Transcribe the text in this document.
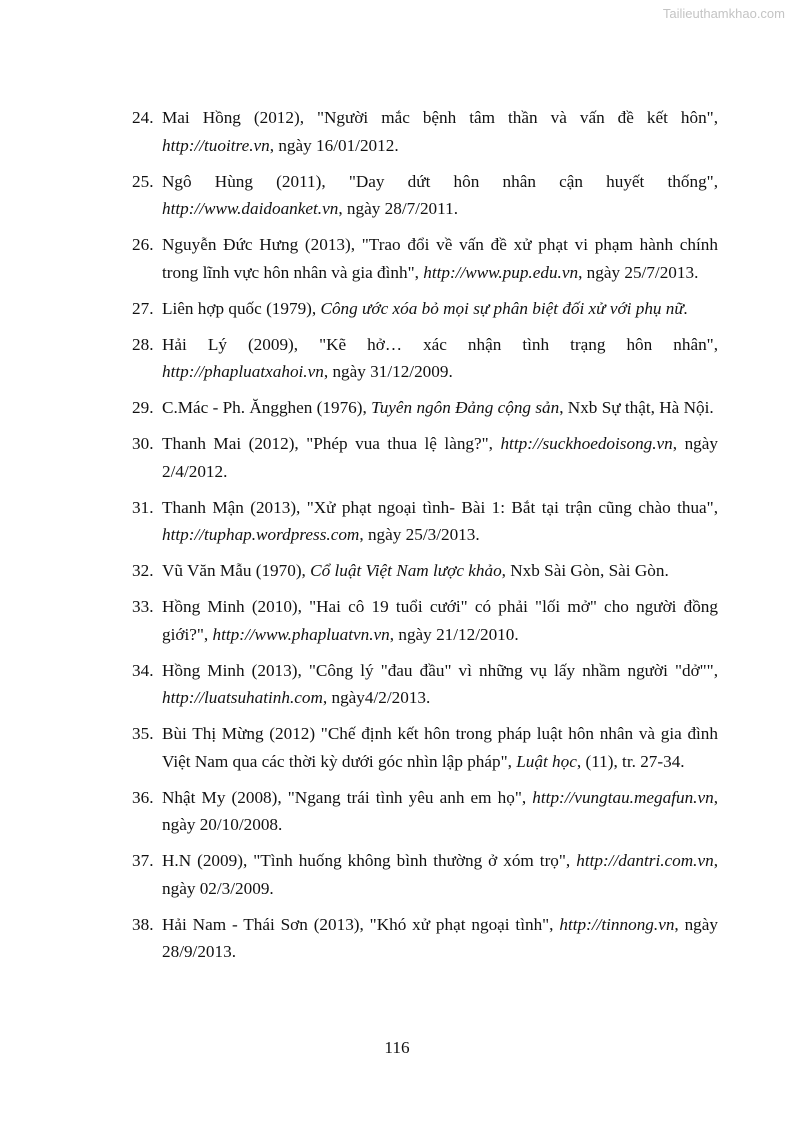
Tailieuthamkhao.com
24. Mai Hồng (2012), "Người mắc bệnh tâm thần và vấn đề kết hôn", http://tuoitre.vn, ngày 16/01/2012.
25. Ngô Hùng (2011), "Day dứt hôn nhân cận huyết thống", http://www.daidoanket.vn, ngày 28/7/2011.
26. Nguyễn Đức Hưng (2013), "Trao đổi về vấn đề xử phạt vi phạm hành chính trong lĩnh vực hôn nhân và gia đình", http://www.pup.edu.vn, ngày 25/7/2013.
27. Liên hợp quốc (1979), Công ước xóa bỏ mọi sự phân biệt đối xử với phụ nữ.
28. Hải Lý (2009), "Kẽ hở… xác nhận tình trạng hôn nhân", http://phapluatxahoi.vn, ngày 31/12/2009.
29. C.Mác - Ph. Ăngghen (1976), Tuyên ngôn Đảng cộng sản, Nxb Sự thật, Hà Nội.
30. Thanh Mai (2012), "Phép vua thua lệ làng?", http://suckhoedoisong.vn, ngày 2/4/2012.
31. Thanh Mận (2013), "Xử phạt ngoại tình- Bài 1: Bắt tại trận cũng chào thua", http://tuphap.wordpress.com, ngày 25/3/2013.
32. Vũ Văn Mẫu (1970), Cổ luật Việt Nam lược khảo, Nxb Sài Gòn, Sài Gòn.
33. Hồng Minh (2010), "Hai cô 19 tuổi cưới" có phải "lối mở" cho người đồng giới?", http://www.phapluatvn.vn, ngày 21/12/2010.
34. Hồng Minh (2013), "Công lý "đau đầu" vì những vụ lấy nhầm người "dở"", http://luatsuhatinh.com, ngày4/2/2013.
35. Bùi Thị Mừng (2012) "Chế định kết hôn trong pháp luật hôn nhân và gia đình Việt Nam qua các thời kỳ dưới góc nhìn lập pháp", Luật học, (11), tr. 27-34.
36. Nhật My (2008), "Ngang trái tình yêu anh em họ", http://vungtau.megafun.vn, ngày 20/10/2008.
37. H.N (2009), "Tình huống không bình thường ở xóm trọ", http://dantri.com.vn, ngày 02/3/2009.
38. Hải Nam - Thái Sơn (2013), "Khó xử phạt ngoại tình", http://tinnong.vn, ngày 28/9/2013.
116
